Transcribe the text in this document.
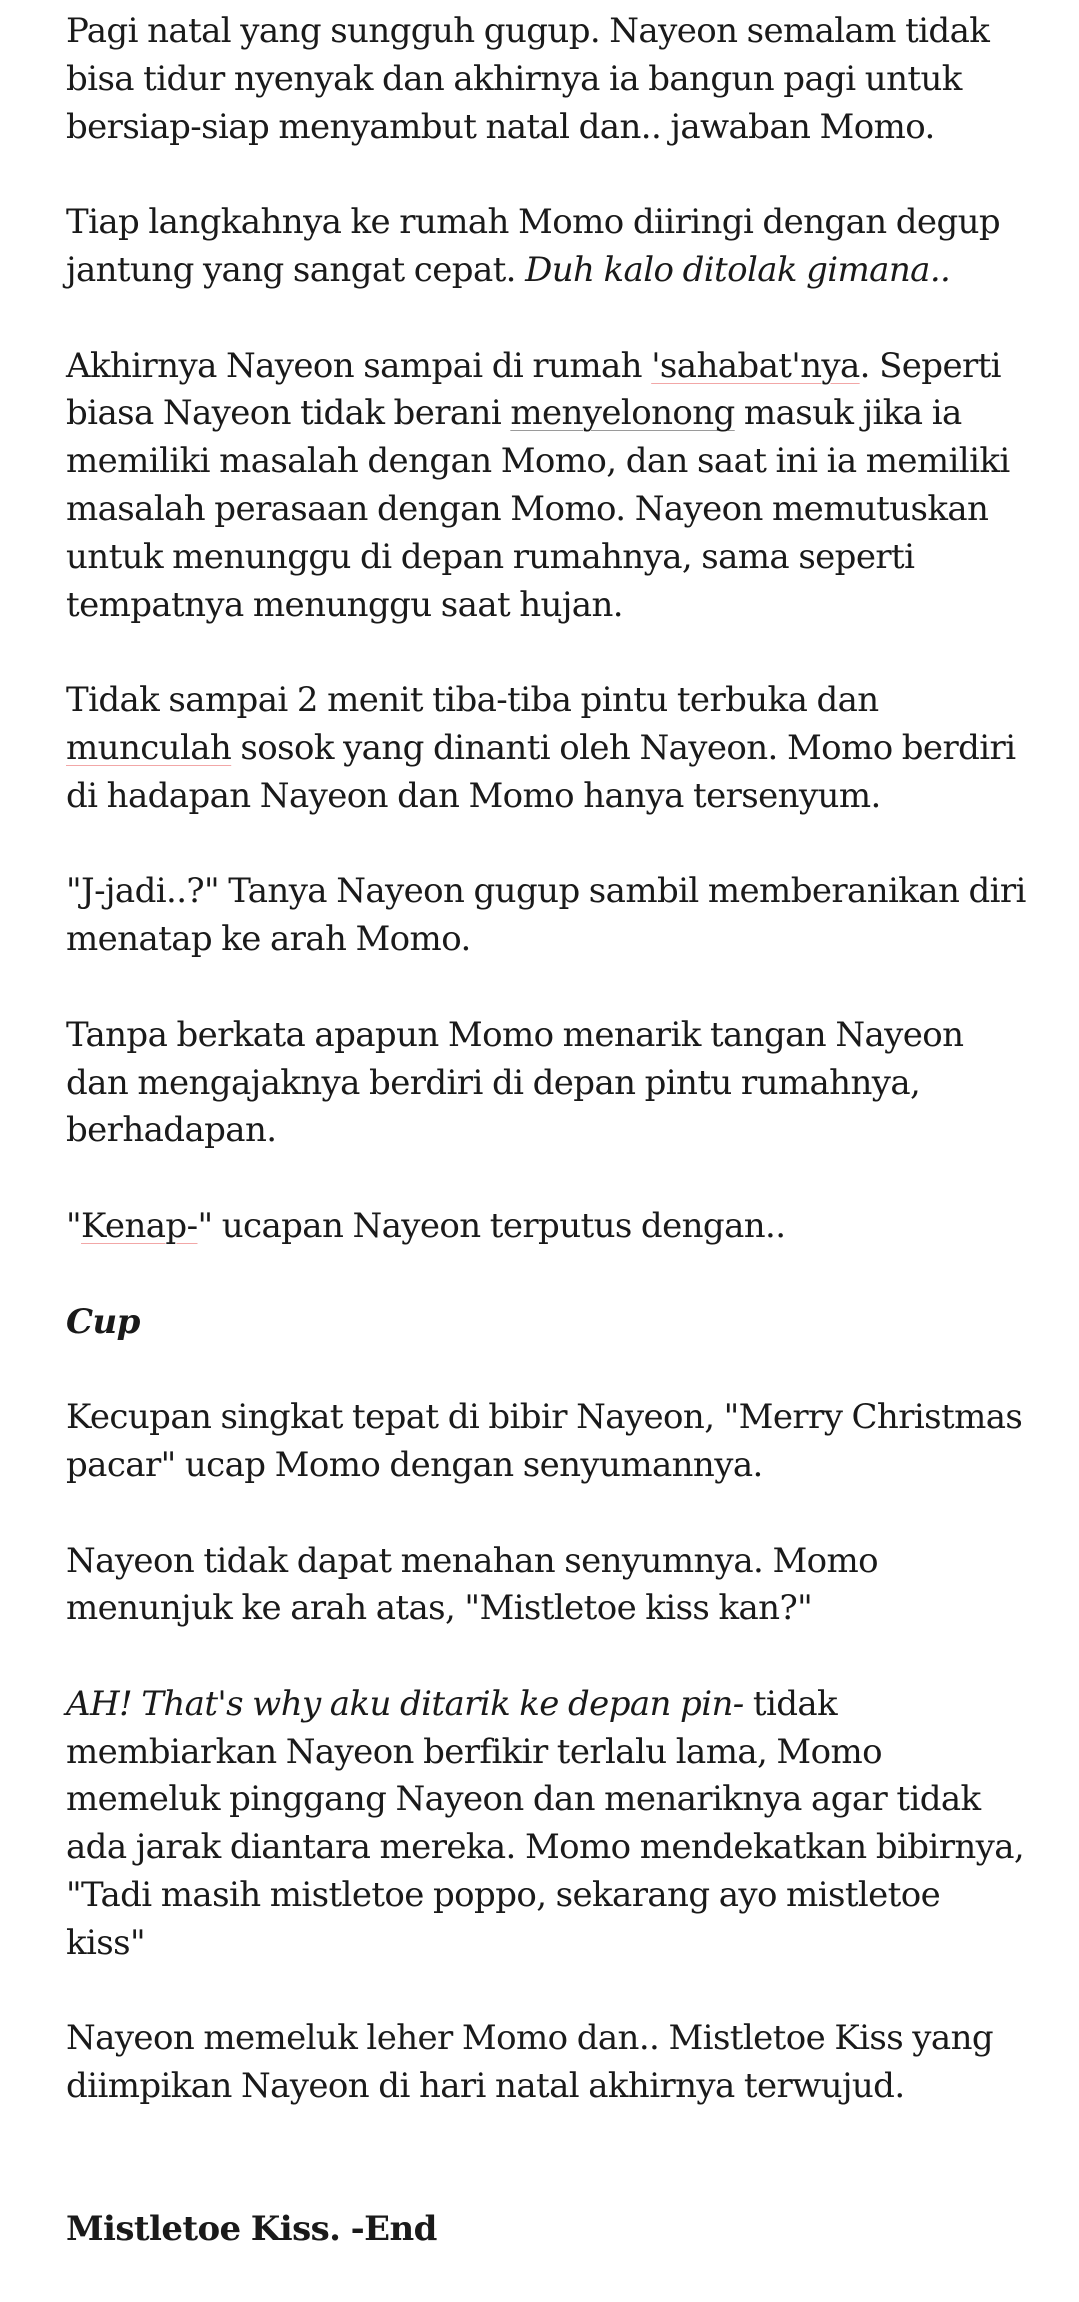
Pagi natal yang sungguh gugup. Nayeon semalam tidak bisa tidur nyenyak dan akhirnya ia bangun pagi untuk bersiap-siap menyambut natal dan.. jawaban Momo.

Tiap langkahnya ke rumah Momo diiringi dengan degup jantung yang sangat cepat. Duh kalo ditolak gimana..

Akhirnya Nayeon sampai di rumah 'sahabat'nya. Seperti biasa Nayeon tidak berani menyelonong masuk jika ia memiliki masalah dengan Momo, dan saat ini ia memiliki masalah perasaan dengan Momo. Nayeon memutuskan untuk menunggu di depan rumahnya, sama seperti tempatnya menunggu saat hujan.

Tidak sampai 2 menit tiba-tiba pintu terbuka dan munculah sosok yang dinanti oleh Nayeon. Momo berdiri di hadapan Nayeon dan Momo hanya tersenyum.

"J-jadi..?" Tanya Nayeon gugup sambil memberanikan diri menatap ke arah Momo.

Tanpa berkata apapun Momo menarik tangan Nayeon dan mengajaknya berdiri di depan pintu rumahnya, berhadapan.

"Kenap-" ucapan Nayeon terputus dengan..

Cup

Kecupan singkat tepat di bibir Nayeon, "Merry Christmas pacar" ucap Momo dengan senyumannya.

Nayeon tidak dapat menahan senyumnya. Momo menunjuk ke arah atas, "Mistletoe kiss kan?"

AH! That's why aku ditarik ke depan pin- tidak membiarkan Nayeon berfikir terlalu lama, Momo memeluk pinggang Nayeon dan menariknya agar tidak ada jarak diantara mereka. Momo mendekatkan bibirnya, "Tadi masih mistletoe poppo, sekarang ayo mistletoe kiss"

Nayeon memeluk leher Momo dan.. Mistletoe Kiss yang diimpikan Nayeon di hari natal akhirnya terwujud.

Mistletoe Kiss. -End
